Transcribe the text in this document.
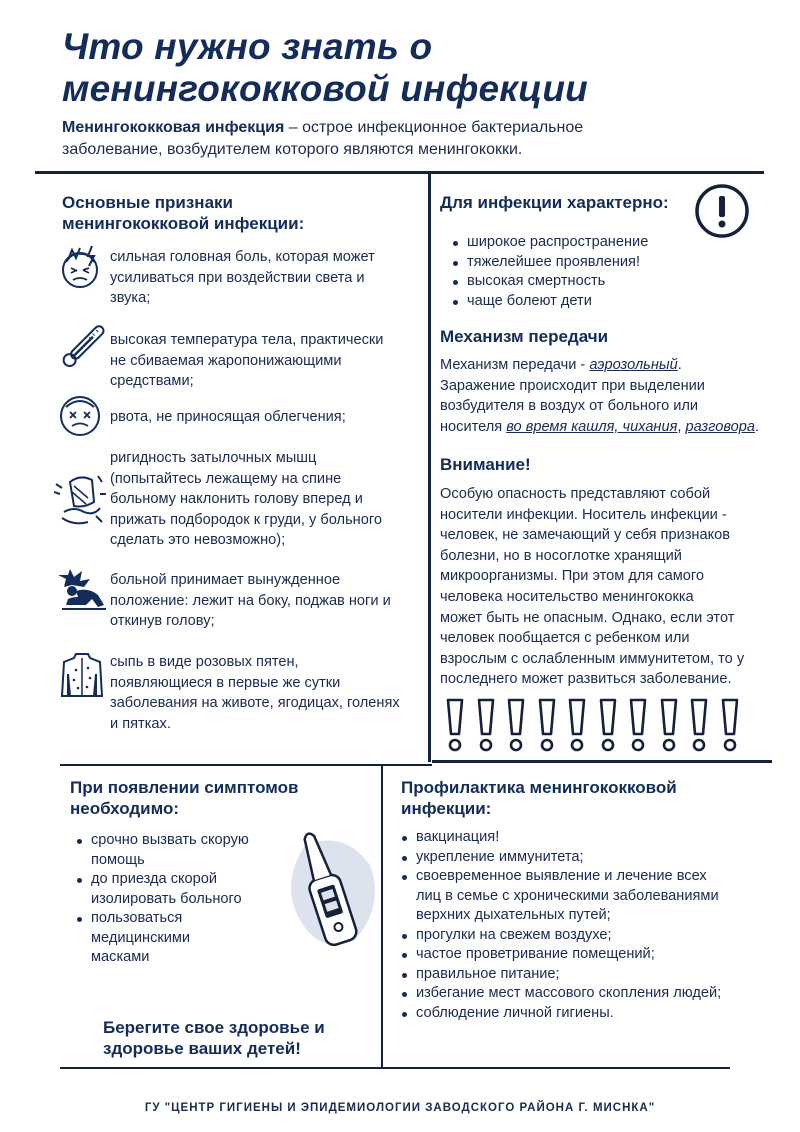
Что нужно знать о
менингококковой инфекции
Менингококковая инфекция – острое инфекционное бактериальное
заболевание, возбудителем которого являются менингококки.
Основные признаки
менингококковой инфекции:
сильная головная боль, которая может
усиливаться при воздействии света и
звука;
высокая температура тела, практически
не сбиваемая жаропонижающими
средствами;
рвота, не приносящая облегчения;
ригидность затылочных мышц
(попытайтесь лежащему на спине
больному наклонить голову вперед и
прижать подбородок к груди, у больного
сделать это невозможно);
больной принимает вынужденное
положение: лежит на боку, поджав ноги и
откинув голову;
сыпь в виде розовых пятен,
появляющиеся в первые же сутки
заболевания на животе, ягодицах, голенях
и пятках.
Для инфекции характерно:
широкое распространение
тяжелейшее проявления!
высокая смертность
чаще болеют дети
Механизм передачи
Механизм передачи - аэрозольный.
Заражение происходит при выделении
возбудителя в воздух от больного или
носителя во время кашля, чихания, разговора.
Внимание!
Особую опасность представляют собой
носители инфекции. Носитель инфекции -
человек, не замечающий у себя признаков
болезни, но в носоглотке хранящий
микроорганизмы. При этом для самого
человека носительство менингококка
может быть не опасным. Однако, если этот
человек пообщается с ребенком или
взрослым с ослабленным иммунитетом, то у
последнего может развиться заболевание.
При появлении симптомов
необходимо:
срочно вызвать скорую
помощь
до приезда скорой
изолировать больного
пользоваться
медицинскими
масками
Берегите свое здоровье и
здоровье ваших детей!
Профилактика менингококковой
инфекции:
вакцинация!
укрепление иммунитета;
своевременное выявление и лечение всех
лиц в семье с хроническими заболеваниями
верхних дыхательных путей;
прогулки на свежем воздухе;
частое проветривание помещений;
правильное питание;
избегание мест массового скопления людей;
соблюдение личной гигиены.
ГУ "ЦЕНТР ГИГИЕНЫ И ЭПИДЕМИОЛОГИИ ЗАВОДСКОГО РАЙОНА Г. МИСНКА"
